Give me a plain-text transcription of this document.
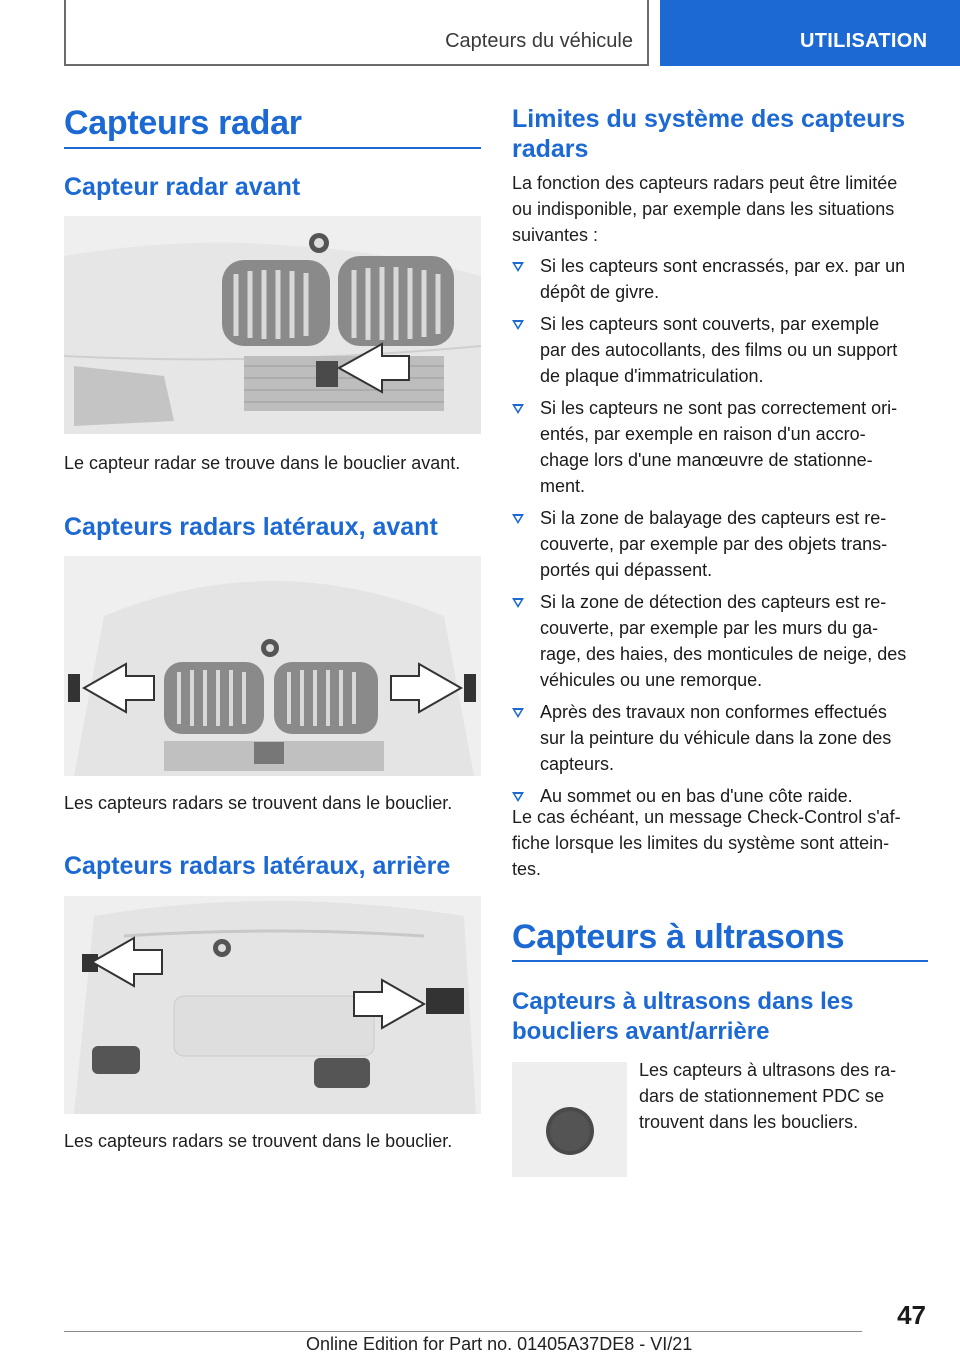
Capteurs du véhicule	UTILISATION
Capteurs radar
Capteur radar avant
Le capteur radar se trouve dans le bouclier avant.
Capteurs radars latéraux, avant
Les capteurs radars se trouvent dans le bouclier.
Capteurs radars latéraux, arrière
Les capteurs radars se trouvent dans le bouclier.
Limites du système des capteurs
radars
La fonction des capteurs radars peut être limitée
ou indisponible, par exemple dans les situations
suivantes :
Si les capteurs sont encrassés, par ex. par un
dépôt de givre.
Si les capteurs sont couverts, par exemple
par des autocollants, des films ou un support
de plaque d'immatriculation.
Si les capteurs ne sont pas correctement ori-
entés, par exemple en raison d'un accro-
chage lors d'une manœuvre de stationne-
ment.
Si la zone de balayage des capteurs est re-
couverte, par exemple par des objets trans-
portés qui dépassent.
Si la zone de détection des capteurs est re-
couverte, par exemple par les murs du ga-
rage, des haies, des monticules de neige, des
véhicules ou une remorque.
Après des travaux non conformes effectués
sur la peinture du véhicule dans la zone des
capteurs.
Au sommet ou en bas d'une côte raide.
Le cas échéant, un message Check-Control s'af-
fiche lorsque les limites du système sont attein-
tes.
Capteurs à ultrasons
Capteurs à ultrasons dans les
boucliers avant/arrière
Les capteurs à ultrasons des ra-
dars de stationnement PDC se
trouvent dans les boucliers.
47
Online Edition for Part no. 01405A37DE8 - VI/21
